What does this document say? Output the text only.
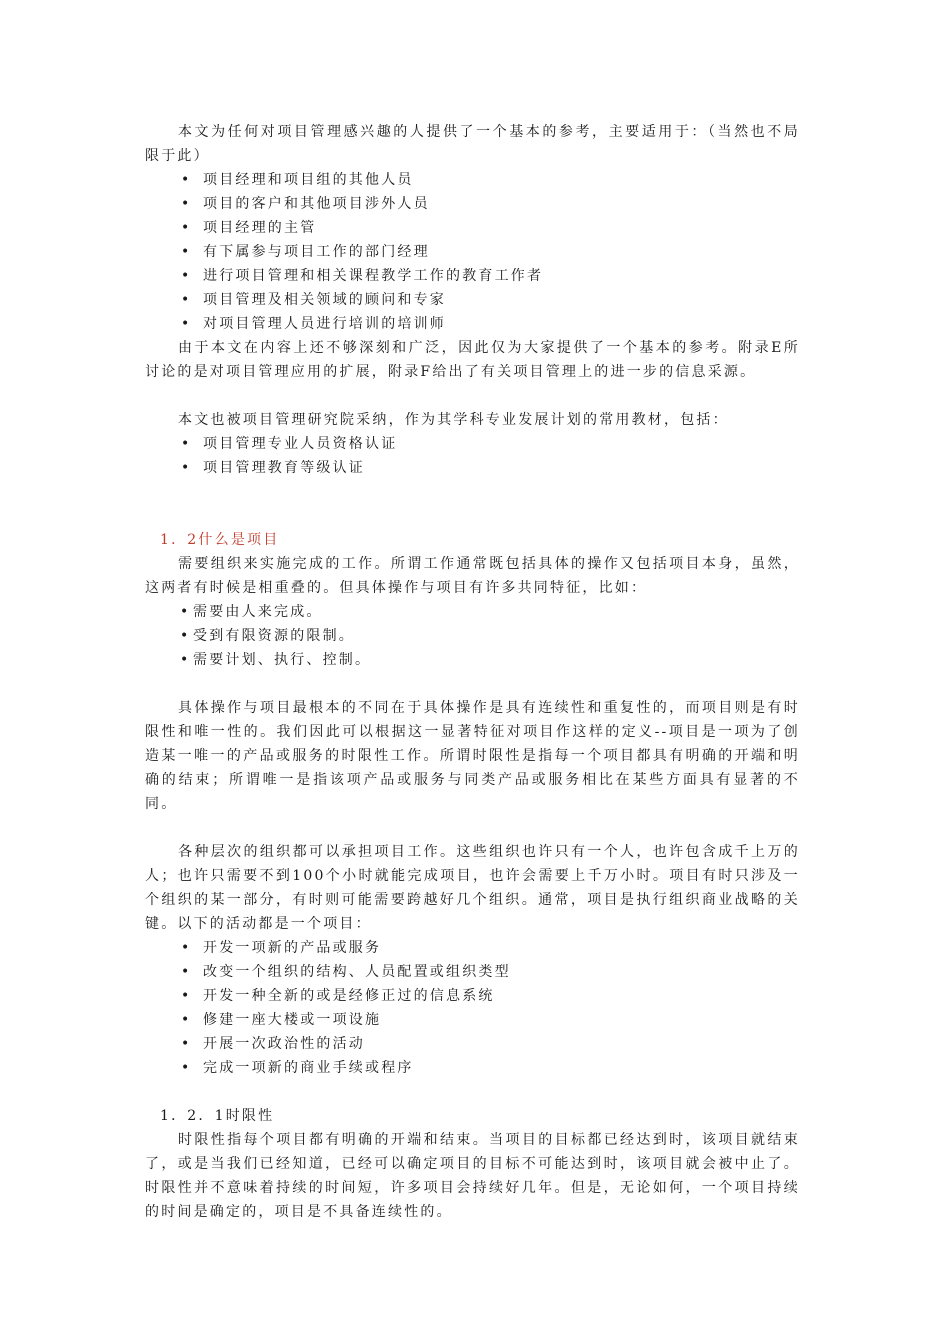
本文为任何对项目管理感兴趣的人提供了一个基本的参考，主要适用于：（当然也不局限于此）

• 项目经理和项目组的其他人员
• 项目的客户和其他项目涉外人员
• 项目经理的主管
• 有下属参与项目工作的部门经理
• 进行项目管理和相关课程教学工作的教育工作者
• 项目管理及相关领域的顾问和专家
• 对项目管理人员进行培训的培训师

由于本文在内容上还不够深刻和广泛，因此仅为大家提供了一个基本的参考。附录E所讨论的是对项目管理应用的扩展，附录F给出了有关项目管理上的进一步的信息采源。

本文也被项目管理研究院采纳，作为其学科专业发展计划的常用教材，包括：

• 项目管理专业人员资格认证
• 项目管理教育等级认证

1．2什么是项目

需要组织来实施完成的工作。所谓工作通常既包括具体的操作又包括项目本身，虽然，这两者有时候是相重叠的。但具体操作与项目有许多共同特征，比如：

• 需要由人来完成。
• 受到有限资源的限制。
• 需要计划、执行、控制。

具体操作与项目最根本的不同在于具体操作是具有连续性和重复性的，而项目则是有时限性和唯一性的。我们因此可以根据这一显著特征对项目作这样的定义--项目是一项为了创造某一唯一的产品或服务的时限性工作。所谓时限性是指每一个项目都具有明确的开端和明确的结束；所谓唯一是指该项产品或服务与同类产品或服务相比在某些方面具有显著的不同。

各种层次的组织都可以承担项目工作。这些组织也许只有一个人，也许包含成千上万的人；也许只需要不到100个小时就能完成项目，也许会需要上千万小时。项目有时只涉及一个组织的某一部分，有时则可能需要跨越好几个组织。通常，项目是执行组织商业战略的关键。以下的活动都是一个项目：

• 开发一项新的产品或服务
• 改变一个组织的结构、人员配置或组织类型
• 开发一种全新的或是经修正过的信息系统
• 修建一座大楼或一项设施
• 开展一次政治性的活动
• 完成一项新的商业手续或程序

1．2．1时限性

时限性指每个项目都有明确的开端和结束。当项目的目标都已经达到时，该项目就结束了，或是当我们已经知道，已经可以确定项目的目标不可能达到时，该项目就会被中止了。时限性并不意味着持续的时间短，许多项目会持续好几年。但是，无论如何，一个项目持续的时间是确定的，项目是不具备连续性的。
